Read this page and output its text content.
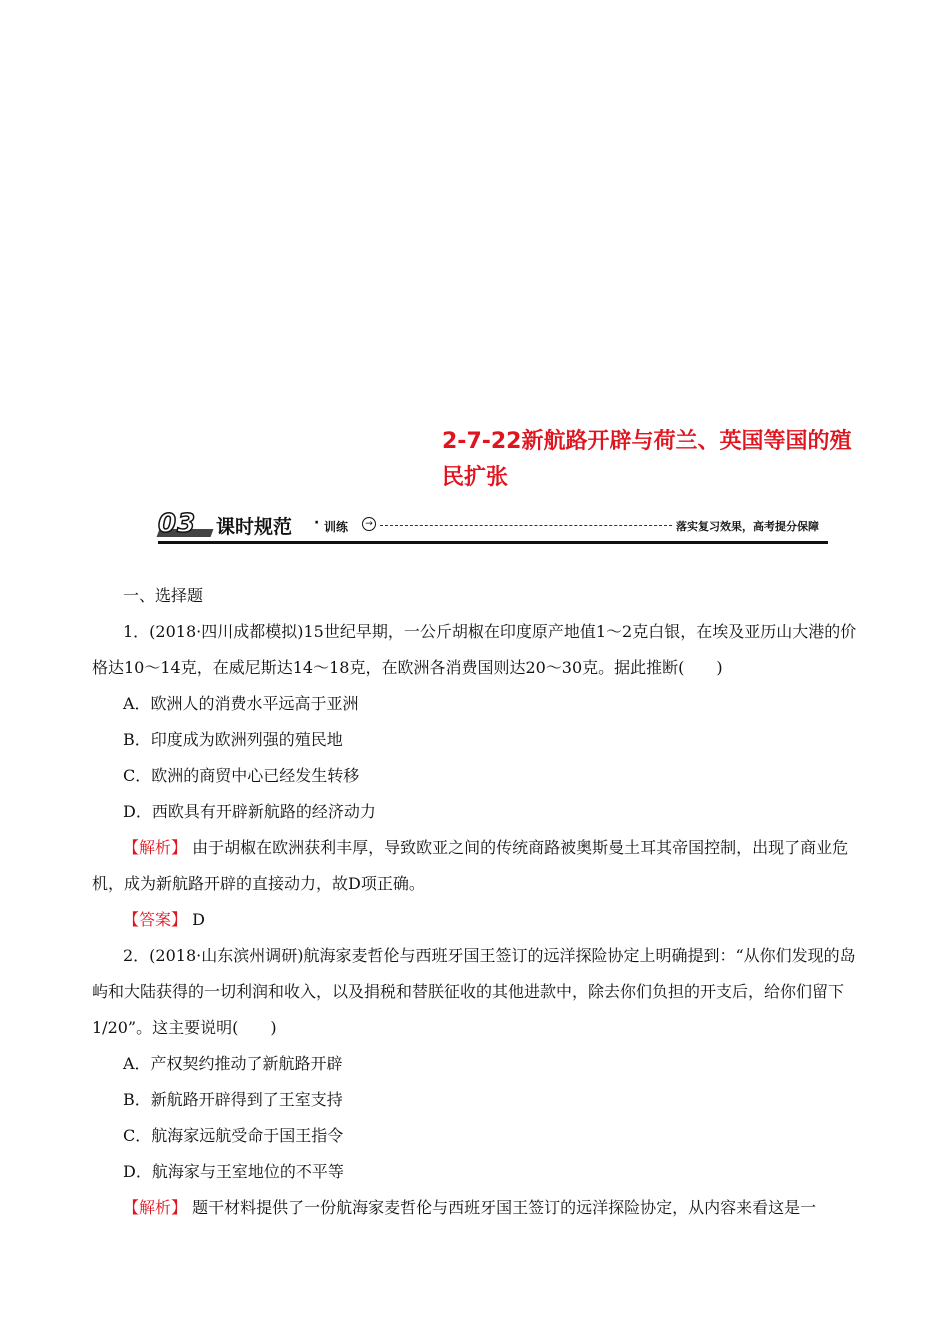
2-7-22新航路开辟与荷兰、英国等国的殖民扩张
03 课时规范 · 训练	→	落实复习效果，高考提分保障

一、选择题

1．(2018·四川成都模拟)15世纪早期，一公斤胡椒在印度原产地值1～2克白银，在埃及亚历山大港的价格达10～14克，在威尼斯达14～18克，在欧洲各消费国则达20～30克。据此推断(　　)

A．欧洲人的消费水平远高于亚洲

B．印度成为欧洲列强的殖民地

C．欧洲的商贸中心已经发生转移

D．西欧具有开辟新航路的经济动力

【解析】 由于胡椒在欧洲获利丰厚，导致欧亚之间的传统商路被奥斯曼土耳其帝国控制，出现了商业危机，成为新航路开辟的直接动力，故D项正确。

【答案】 D

2．(2018·山东滨州调研)航海家麦哲伦与西班牙国王签订的远洋探险协定上明确提到：“从你们发现的岛屿和大陆获得的一切利润和收入，以及捐税和替朕征收的其他进款中，除去你们负担的开支后，给你们留下1/20”。这主要说明(　　)

A．产权契约推动了新航路开辟

B．新航路开辟得到了王室支持

C．航海家远航受命于国王指令

D．航海家与王室地位的不平等

【解析】 题干材料提供了一份航海家麦哲伦与西班牙国王签订的远洋探险协定，从内容来看这是一
